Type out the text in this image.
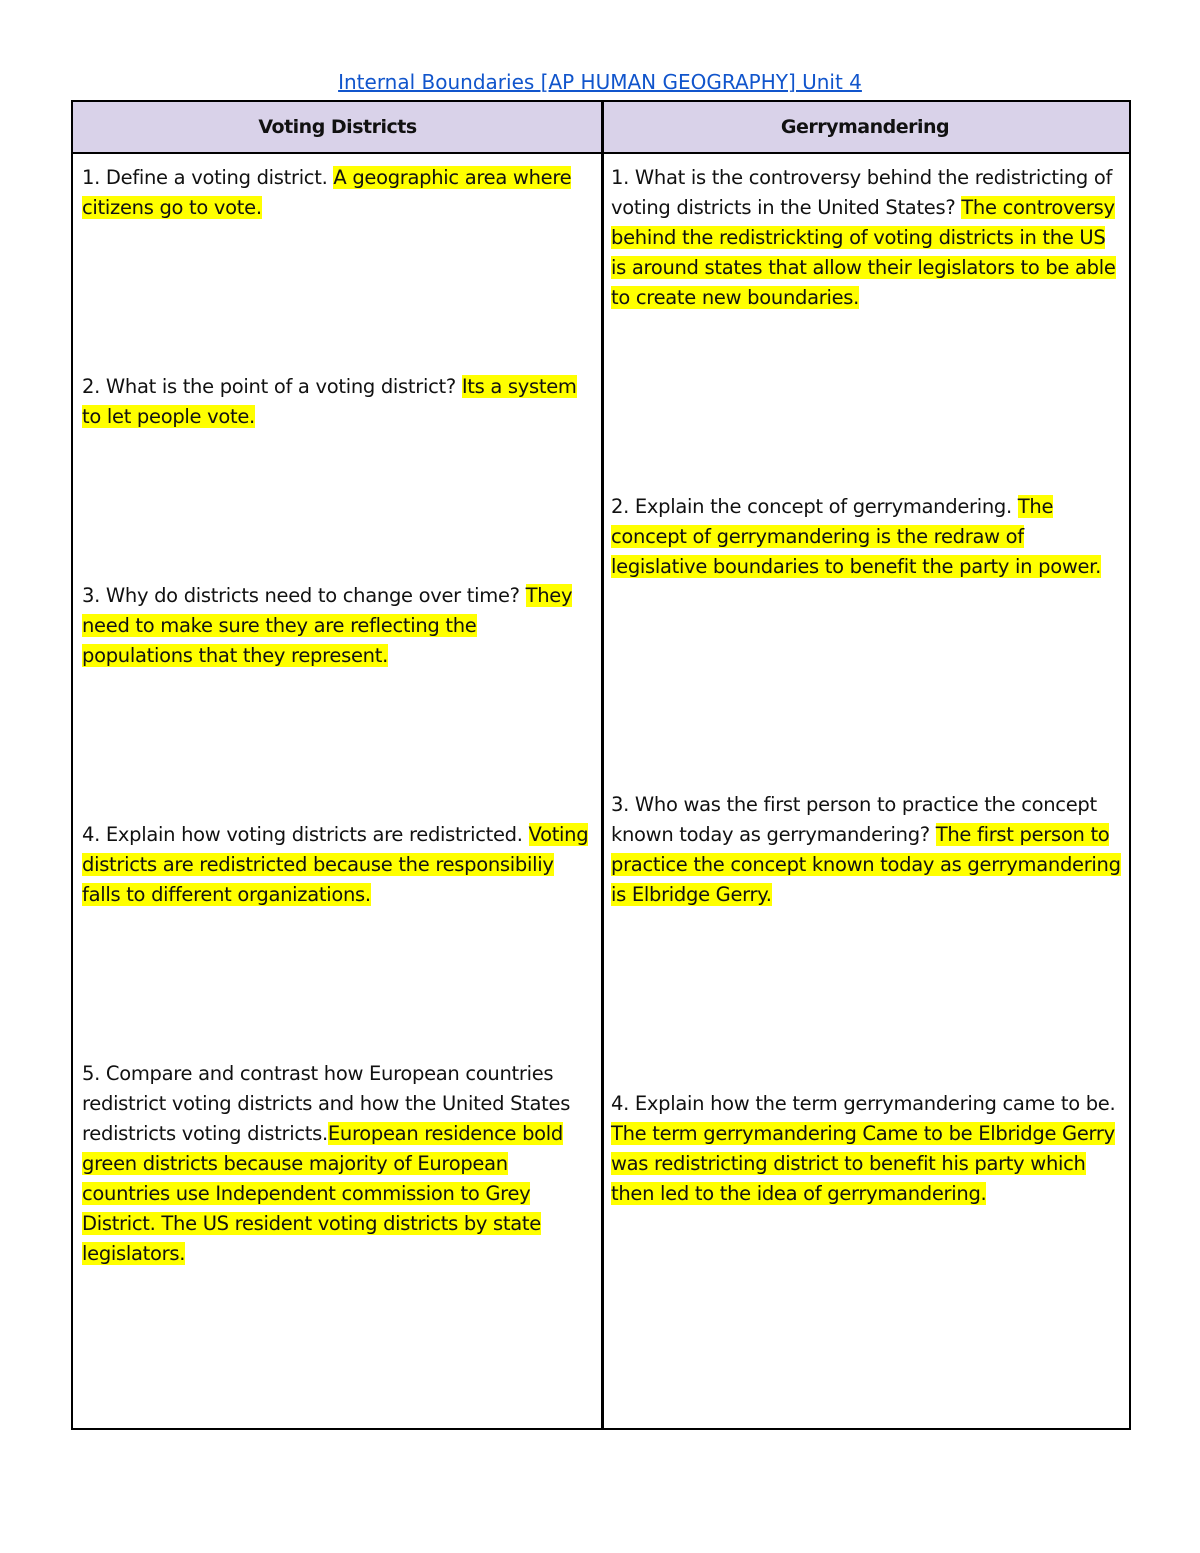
Internal Boundaries [AP HUMAN GEOGRAPHY] Unit 4
Voting Districts	Gerrymandering

1. Define a voting district. A geographic area where citizens go to vote.

2. What is the point of a voting district? Its a system to let people vote.

3. Why do districts need to change over time? They need to make sure they are reflecting the populations that they represent.

4. Explain how voting districts are redistricted. Voting districts are redistricted because the responsibiliy falls to different organizations.

5. Compare and contrast how European countries redistrict voting districts and how the United States redistricts voting districts.European residence bold green districts because majority of European countries use Independent commission to Grey District. The US resident voting districts by state legislators.

1. What is the controversy behind the redistricting of voting districts in the United States? The controversy behind the redistrickting of voting districts in the US is around states that allow their legislators to be able to create new boundaries.

2. Explain the concept of gerrymandering. The concept of gerrymandering is the redraw of legislative boundaries to benefit the party in power.

3. Who was the first person to practice the concept known today as gerrymandering? The first person to practice the concept known today as gerrymandering is Elbridge Gerry.

4. Explain how the term gerrymandering came to be. The term gerrymandering Came to be Elbridge Gerry was redistricting district to benefit his party which then led to the idea of gerrymandering.
